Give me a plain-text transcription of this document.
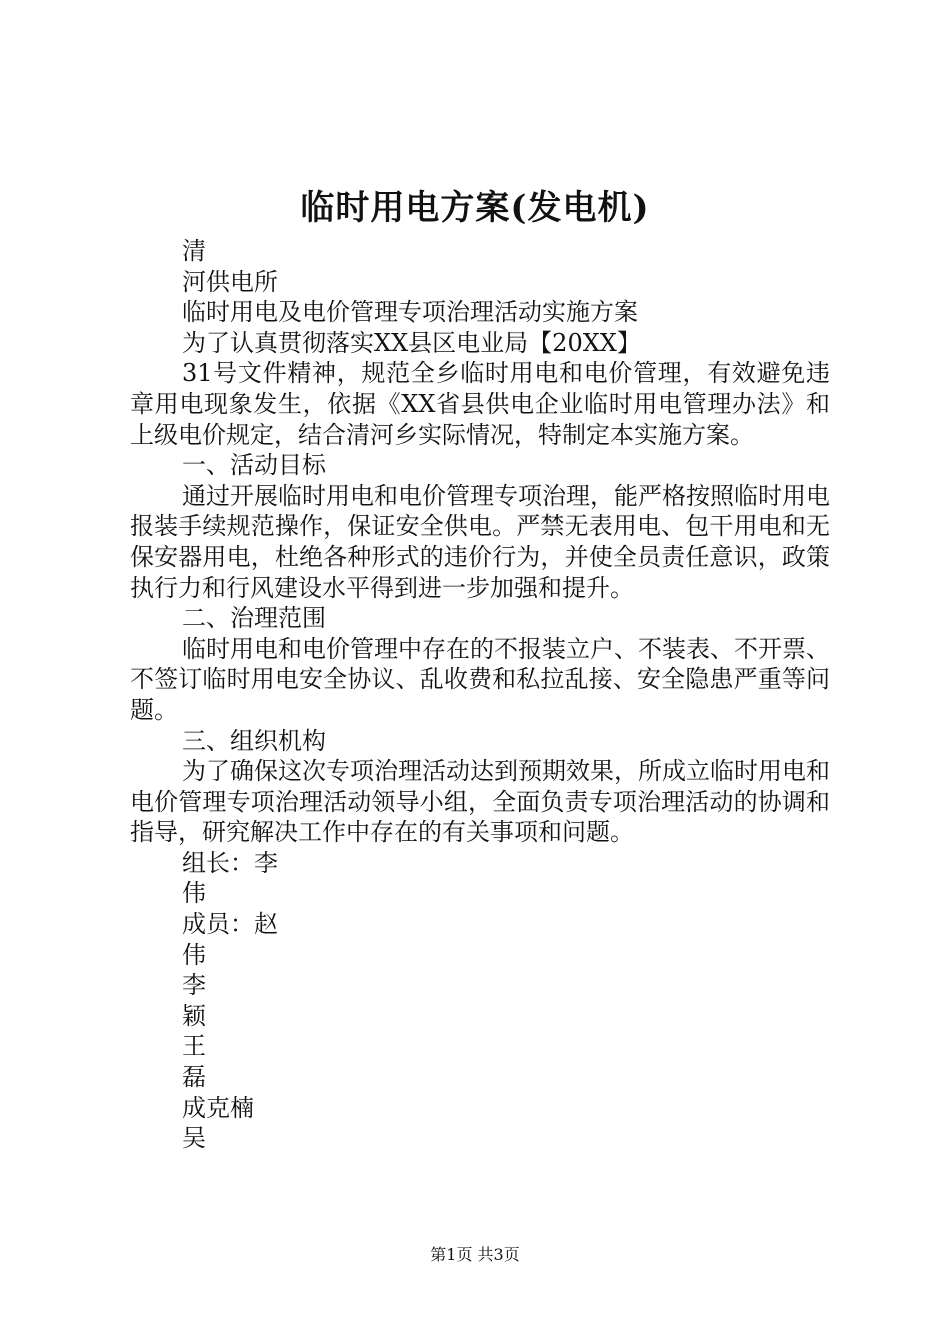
临时用电方案(发电机)

清

河供电所

临时用电及电价管理专项治理活动实施方案

为了认真贯彻落实XX县区电业局【20XX】

31号文件精神，规范全乡临时用电和电价管理，有效避免违章用电现象发生，依据《XX省县供电企业临时用电管理办法》和上级电价规定，结合清河乡实际情况，特制定本实施方案。

一、活动目标

通过开展临时用电和电价管理专项治理，能严格按照临时用电报装手续规范操作，保证安全供电。严禁无表用电、包干用电和无保安器用电，杜绝各种形式的违价行为，并使全员责任意识，政策执行力和行风建设水平得到进一步加强和提升。

二、治理范围

临时用电和电价管理中存在的不报装立户、不装表、不开票、不签订临时用电安全协议、乱收费和私拉乱接、安全隐患严重等问题。

三、组织机构

为了确保这次专项治理活动达到预期效果，所成立临时用电和电价管理专项治理活动领导小组，全面负责专项治理活动的协调和指导，研究解决工作中存在的有关事项和问题。

组长：李

伟

成员：赵

伟

李

颖

王

磊

成克楠

吴

第1页 共3页
